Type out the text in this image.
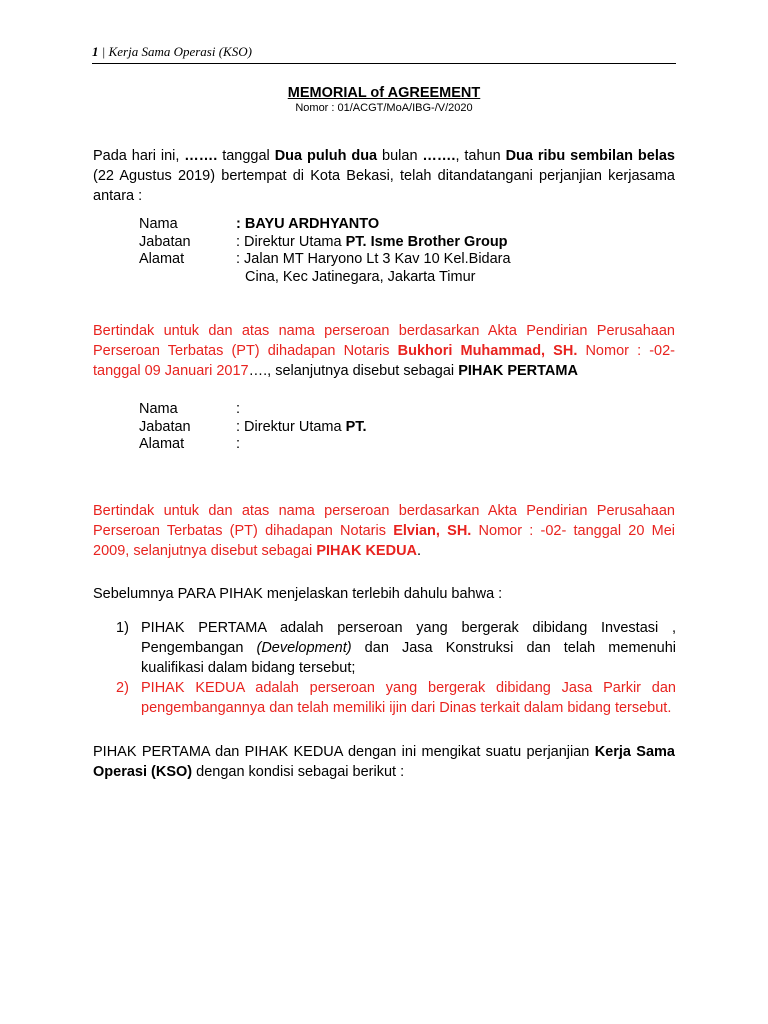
1 | Kerja Sama Operasi (KSO)
MEMORIAL of AGREEMENT
Nomor : 01/ACGT/MoA/IBG-/V/2020

Pada hari ini, ……. tanggal Dua puluh dua bulan ……., tahun Dua ribu sembilan belas (22 Agustus 2019) bertempat di Kota Bekasi, telah ditandatangani perjanjian kerjasama antara :

Nama	: BAYU ARDHYANTO
Jabatan	: Direktur Utama PT. Isme Brother Group
Alamat	: Jalan MT Haryono Lt 3 Kav 10 Kel.Bidara
Cina, Kec Jatinegara, Jakarta Timur

Bertindak untuk dan atas nama perseroan berdasarkan Akta Pendirian Perusahaan Perseroan Terbatas (PT) dihadapan Notaris Bukhori Muhammad, SH. Nomor : -02- tanggal 09 Januari 2017…., selanjutnya disebut sebagai PIHAK PERTAMA

Nama	:
Jabatan	: Direktur Utama PT.
Alamat	:

Bertindak untuk dan atas nama perseroan berdasarkan Akta Pendirian Perusahaan Perseroan Terbatas (PT) dihadapan Notaris Elvian, SH. Nomor : -02- tanggal 20 Mei 2009, selanjutnya disebut sebagai PIHAK KEDUA.

Sebelumnya PARA PIHAK menjelaskan terlebih dahulu bahwa :

1) PIHAK PERTAMA adalah perseroan yang bergerak dibidang Investasi , Pengembangan (Development) dan Jasa Konstruksi dan telah memenuhi kualifikasi dalam bidang tersebut;
2) PIHAK KEDUA adalah perseroan yang bergerak dibidang Jasa Parkir dan pengembangannya dan telah memiliki ijin dari Dinas terkait dalam bidang tersebut.

PIHAK PERTAMA dan PIHAK KEDUA dengan ini mengikat suatu perjanjian Kerja Sama Operasi (KSO) dengan kondisi sebagai berikut :
